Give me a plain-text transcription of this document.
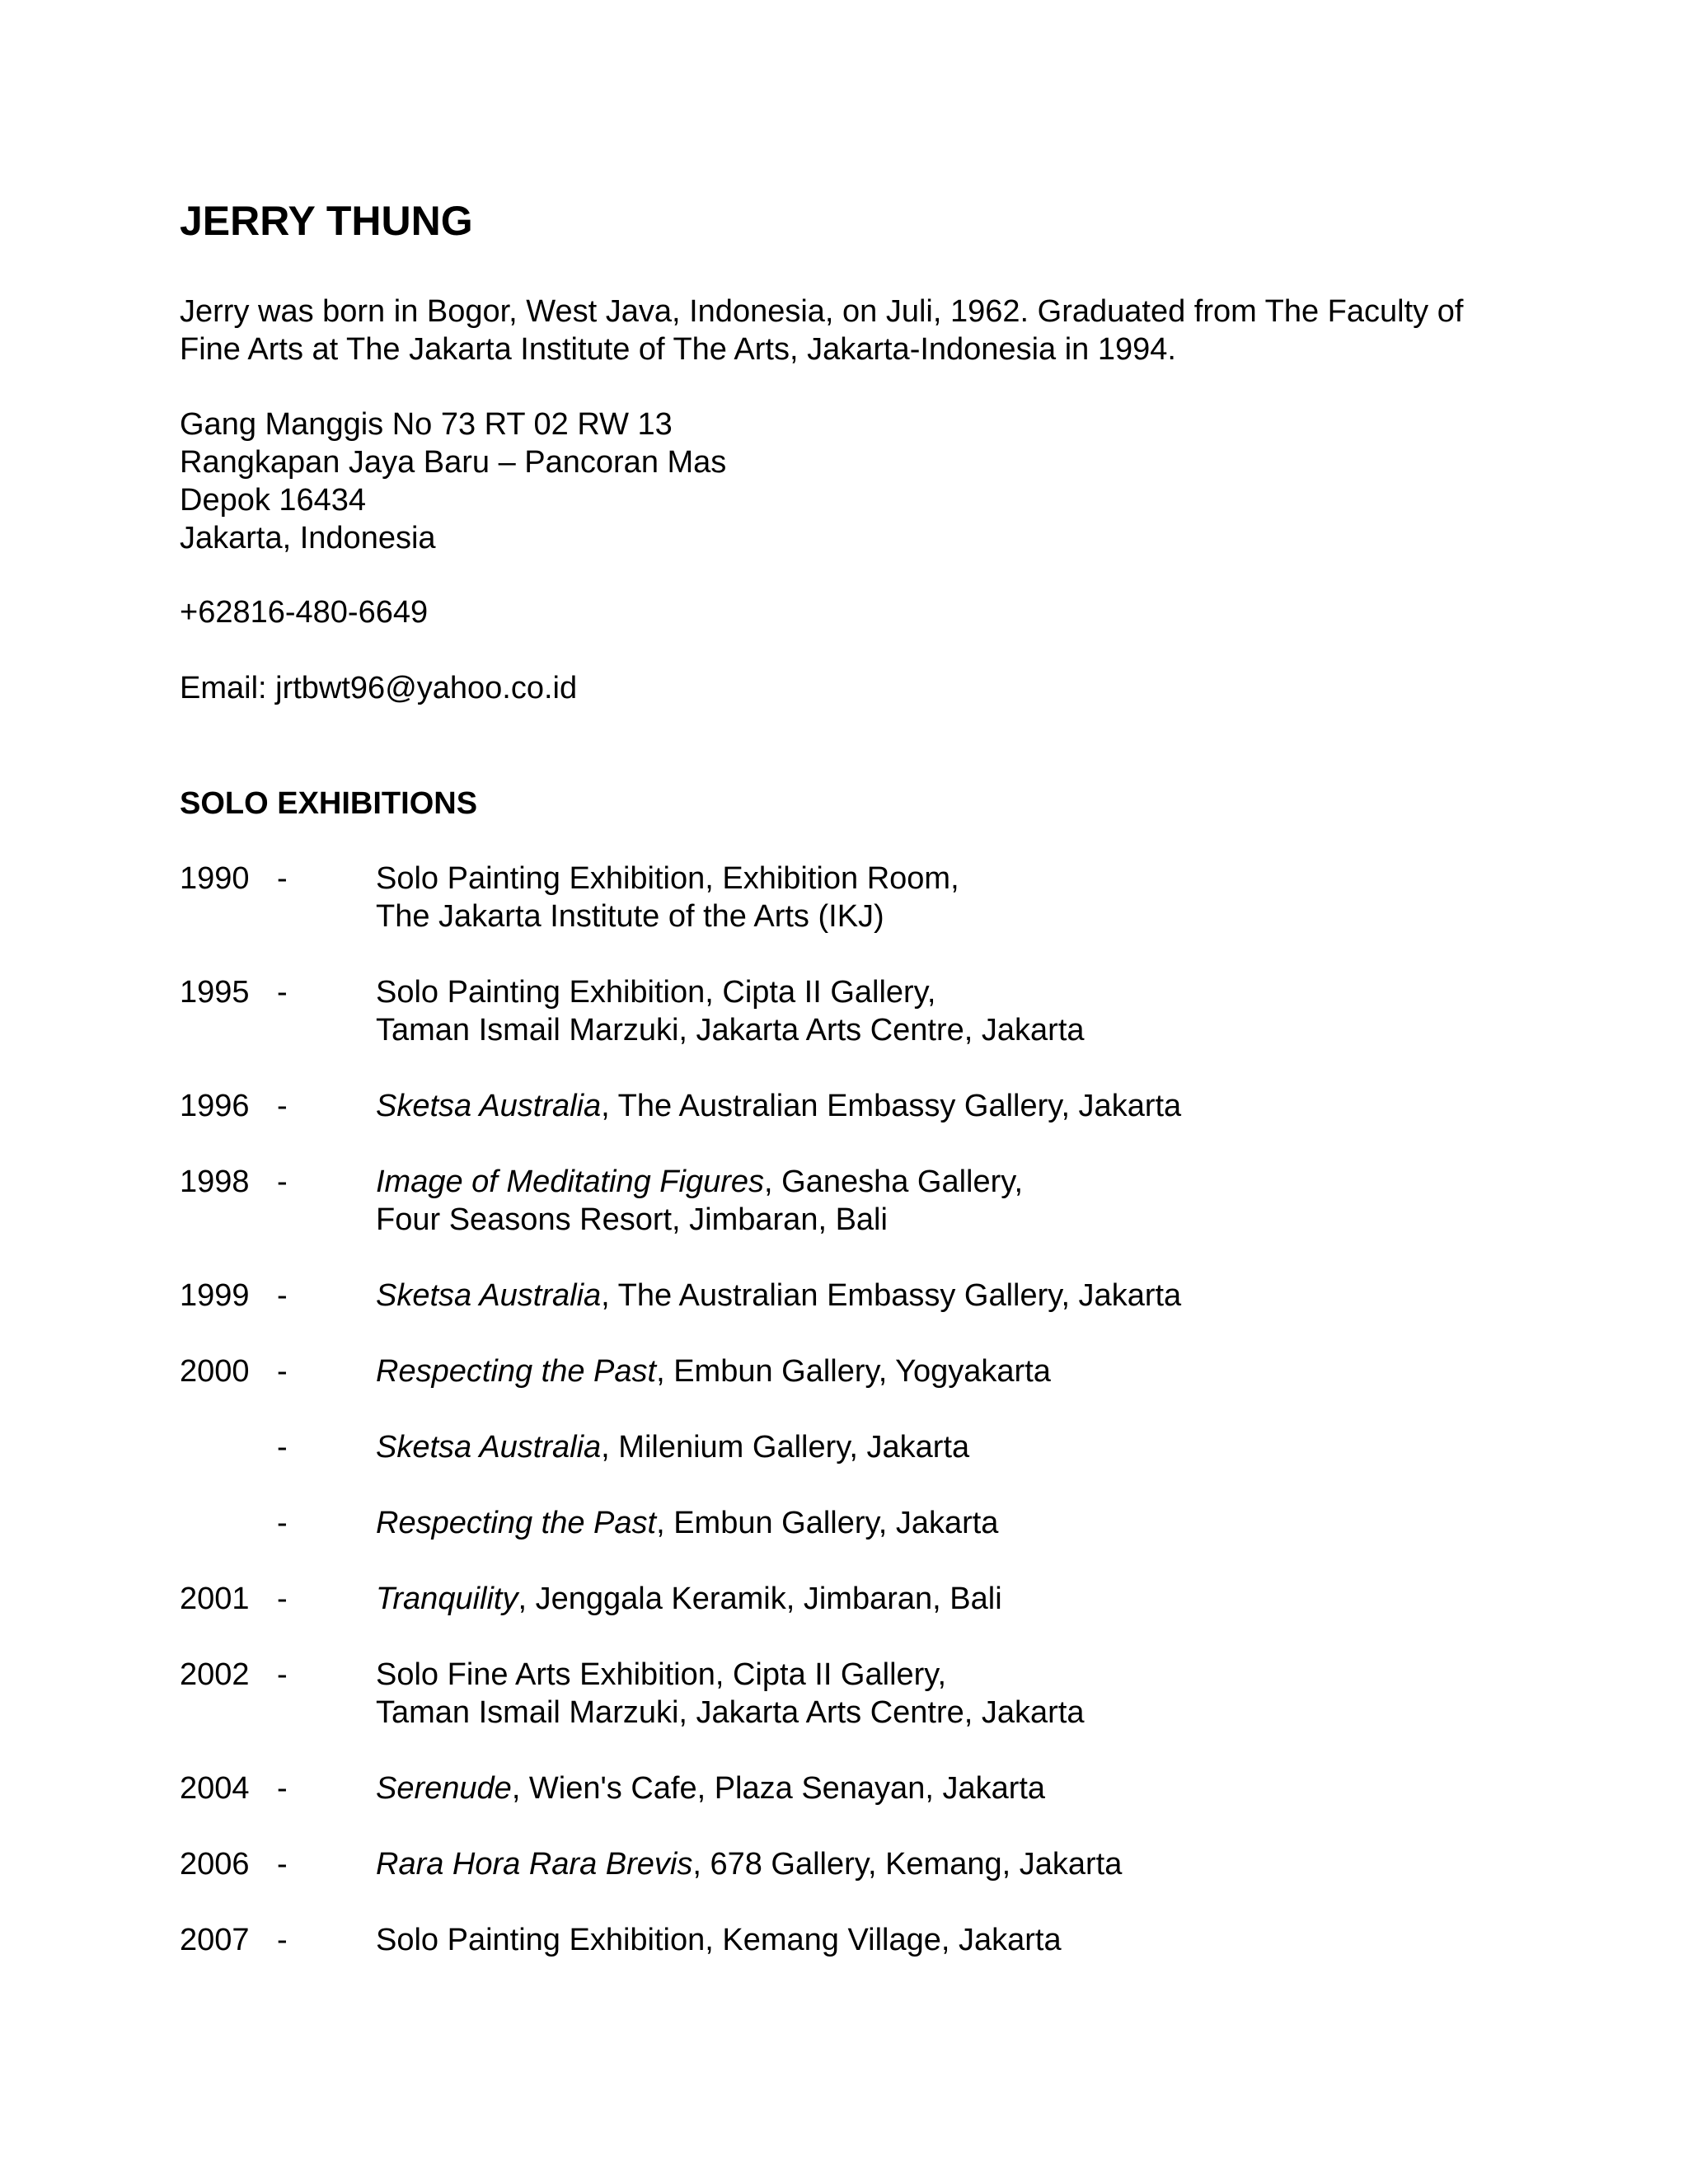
JERRY THUNG

Jerry was born in Bogor, West Java, Indonesia, on Juli, 1962. Graduated from The Faculty of Fine Arts at The Jakarta Institute of The Arts, Jakarta-Indonesia in 1994.

Gang Manggis No 73 RT 02 RW 13
Rangkapan Jaya Baru – Pancoran Mas
Depok 16434
Jakarta, Indonesia
+62816-480-6649
Email: jrtbwt96@yahoo.co.id
SOLO EXHIBITIONS
1990 -	Solo Painting Exhibition, Exhibition Room,
The Jakarta Institute of the Arts (IKJ)
1995 -	Solo Painting Exhibition, Cipta II Gallery,
Taman Ismail Marzuki, Jakarta Arts Centre, Jakarta
1996 -	Sketsa Australia, The Australian Embassy Gallery, Jakarta
1998 -	Image of Meditating Figures, Ganesha Gallery,
Four Seasons Resort, Jimbaran, Bali
1999 -	Sketsa Australia, The Australian Embassy Gallery, Jakarta
2000 -	Respecting the Past, Embun Gallery, Yogyakarta
-	Sketsa Australia, Milenium Gallery, Jakarta
-	Respecting the Past, Embun Gallery, Jakarta
2001 -	Tranquility, Jenggala Keramik, Jimbaran, Bali
2002 -	Solo Fine Arts Exhibition, Cipta II Gallery,
Taman Ismail Marzuki, Jakarta Arts Centre, Jakarta
2004 -	Serenude, Wien's Cafe, Plaza Senayan, Jakarta
2006 -	Rara Hora Rara Brevis, 678 Gallery, Kemang, Jakarta
2007 -	Solo Painting Exhibition, Kemang Village, Jakarta
